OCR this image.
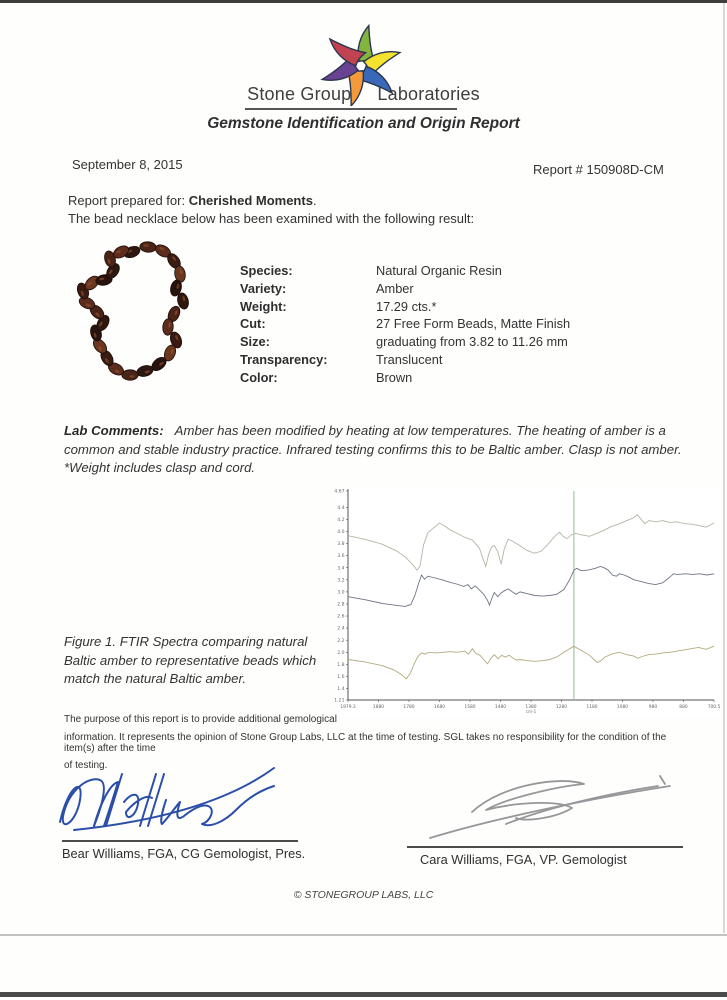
Stone Group Laboratories
Gemstone Identification and Origin Report
September 8, 2015	Report # 150908D-CM
Report prepared for: Cherished Moments.
The bead necklace below has been examined with the following result:
Species:	Natural Organic Resin
Variety:	Amber
Weight:	17.29 cts.*
Cut:	27 Free Form Beads, Matte Finish
Size:	graduating from 3.82 to 11.26 mm
Transparency:	Translucent
Color:	Brown
Lab Comments: Amber has been modified by heating at low temperatures. The heating of amber is a common and stable industry practice. Infrared testing confirms this to be Baltic amber. Clasp is not amber. *Weight includes clasp and cord.
4.67
4.4
4.2
4.0
3.8
3.6
3.4
3.2
3.0
2.8
2.6
2.4
2.2
2.0
1.8
1.6
1.4
1.21
1979.3	1880	1780	1680	1580	1480	1380
cm-1
1280	1180	1080	980	880	700.5
Figure 1. FTIR Spectra comparing natural Baltic amber to representative beads which match the natural Baltic amber.
The purpose of this report is to provide additional gemological
information. It represents the opinion of Stone Group Labs, LLC at the time of testing. SGL takes no responsibility for the condition of the item(s) after the time
of testing.
Bear Williams, FGA, CG Gemologist, Pres.	Cara Williams, FGA, VP. Gemologist
© STONEGROUP LABS, LLC
